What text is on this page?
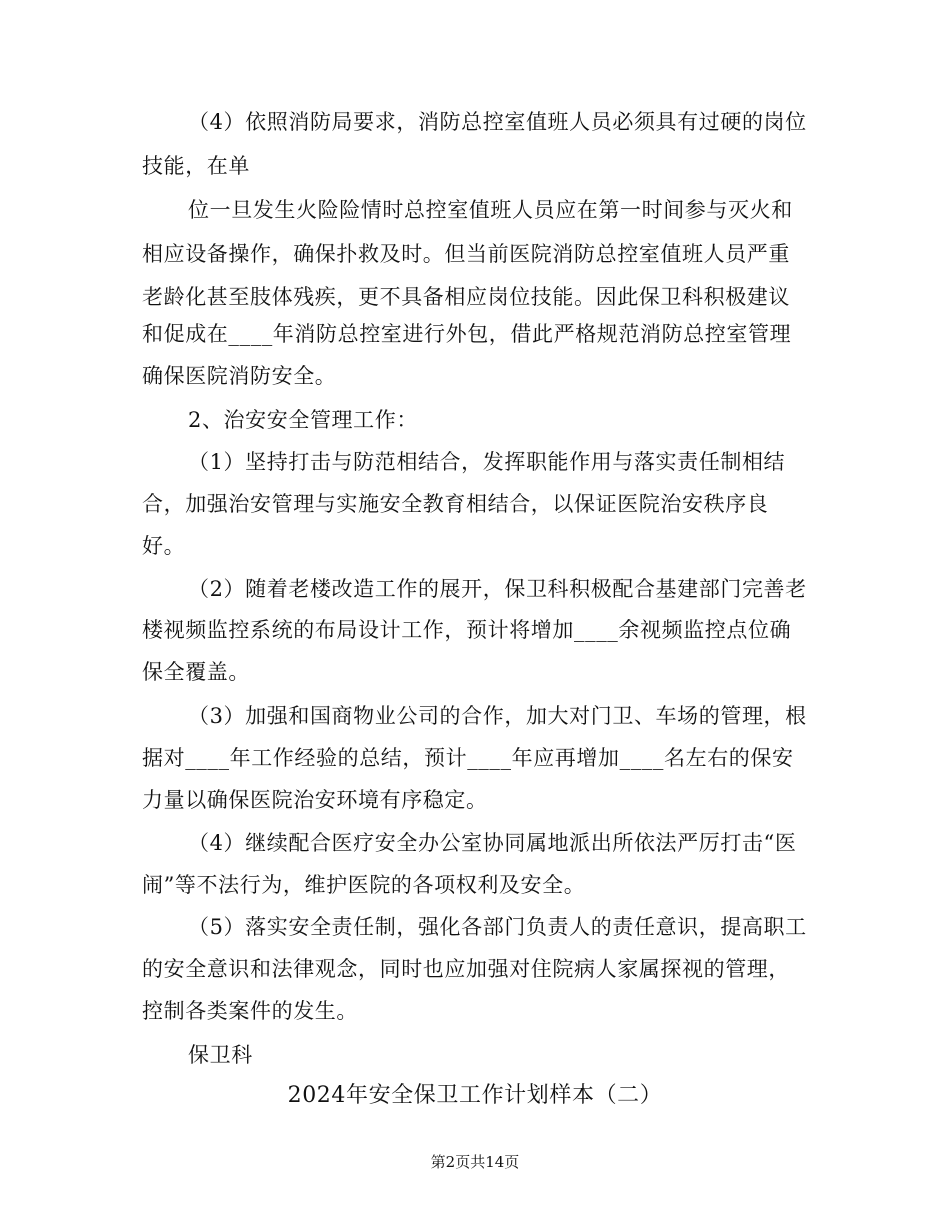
（4）依照消防局要求，消防总控室值班人员必须具有过硬的岗位
技能，在单
位一旦发生火险险情时总控室值班人员应在第一时间参与灭火和
相应设备操作，确保扑救及时。但当前医院消防总控室值班人员严重
老龄化甚至肢体残疾，更不具备相应岗位技能。因此保卫科积极建议
和促成在____年消防总控室进行外包，借此严格规范消防总控室管理
确保医院消防安全。
2、治安安全管理工作：
（1）坚持打击与防范相结合，发挥职能作用与落实责任制相结
合，加强治安管理与实施安全教育相结合，以保证医院治安秩序良
好。
（2）随着老楼改造工作的展开，保卫科积极配合基建部门完善老
楼视频监控系统的布局设计工作，预计将增加____余视频监控点位确
保全覆盖。
（3）加强和国商物业公司的合作，加大对门卫、车场的管理，根
据对____年工作经验的总结，预计____年应再增加____名左右的保安
力量以确保医院治安环境有序稳定。
（4）继续配合医疗安全办公室协同属地派出所依法严厉打击“医
闹”等不法行为，维护医院的各项权利及安全。
（5）落实安全责任制，强化各部门负责人的责任意识，提高职工
的安全意识和法律观念，同时也应加强对住院病人家属探视的管理，
控制各类案件的发生。
保卫科
2024年安全保卫工作计划样本（二）
第2页共14页
